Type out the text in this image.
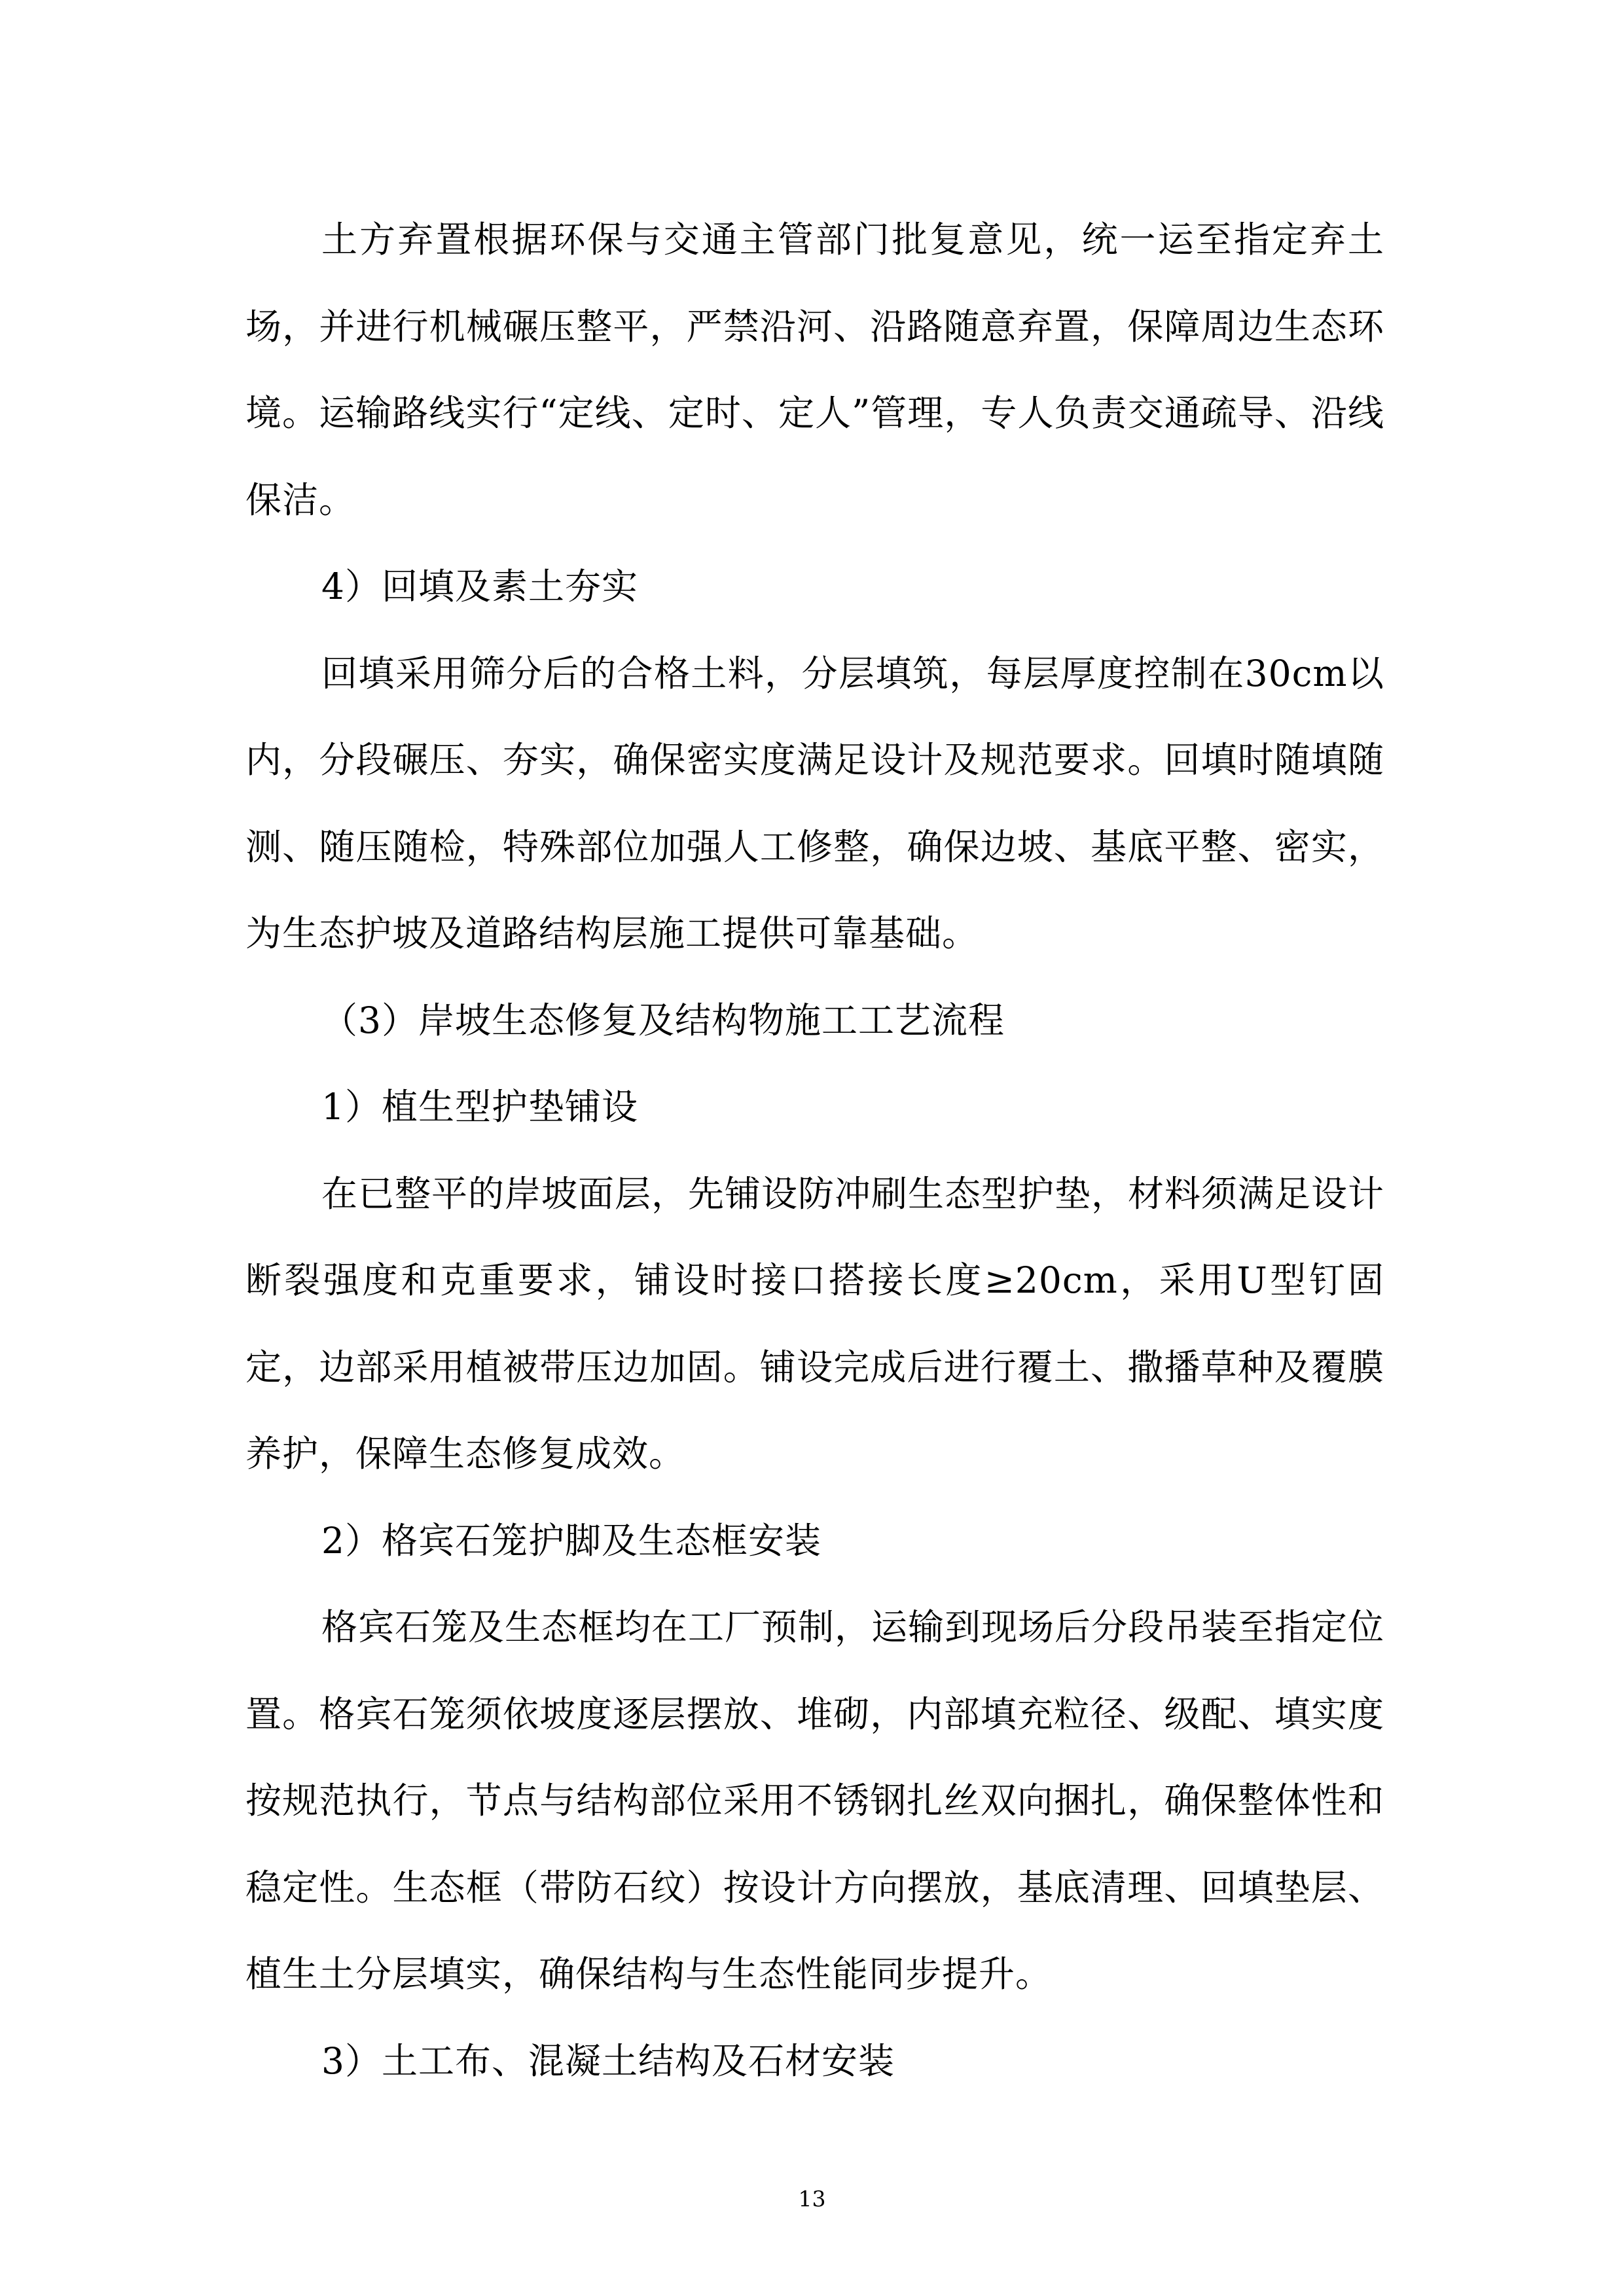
土方弃置根据环保与交通主管部门批复意见，统一运至指定弃土场，并进行机械碾压整平，严禁沿河、沿路随意弃置，保障周边生态环境。运输路线实行“定线、定时、定人”管理，专人负责交通疏导、沿线保洁。

4）回填及素土夯实

回填采用筛分后的合格土料，分层填筑，每层厚度控制在30cm以内，分段碾压、夯实，确保密实度满足设计及规范要求。回填时随填随测、随压随检，特殊部位加强人工修整，确保边坡、基底平整、密实，为生态护坡及道路结构层施工提供可靠基础。

（3）岸坡生态修复及结构物施工工艺流程

1）植生型护垫铺设

在已整平的岸坡面层，先铺设防冲刷生态型护垫，材料须满足设计断裂强度和克重要求，铺设时接口搭接长度≥20cm，采用U型钉固定，边部采用植被带压边加固。铺设完成后进行覆土、撒播草种及覆膜养护，保障生态修复成效。

2）格宾石笼护脚及生态框安装

格宾石笼及生态框均在工厂预制，运输到现场后分段吊装至指定位置。格宾石笼须依坡度逐层摆放、堆砌，内部填充粒径、级配、填实度按规范执行，节点与结构部位采用不锈钢扎丝双向捆扎，确保整体性和稳定性。生态框（带防石纹）按设计方向摆放，基底清理、回填垫层、植生土分层填实，确保结构与生态性能同步提升。

3）土工布、混凝土结构及石材安装

13
